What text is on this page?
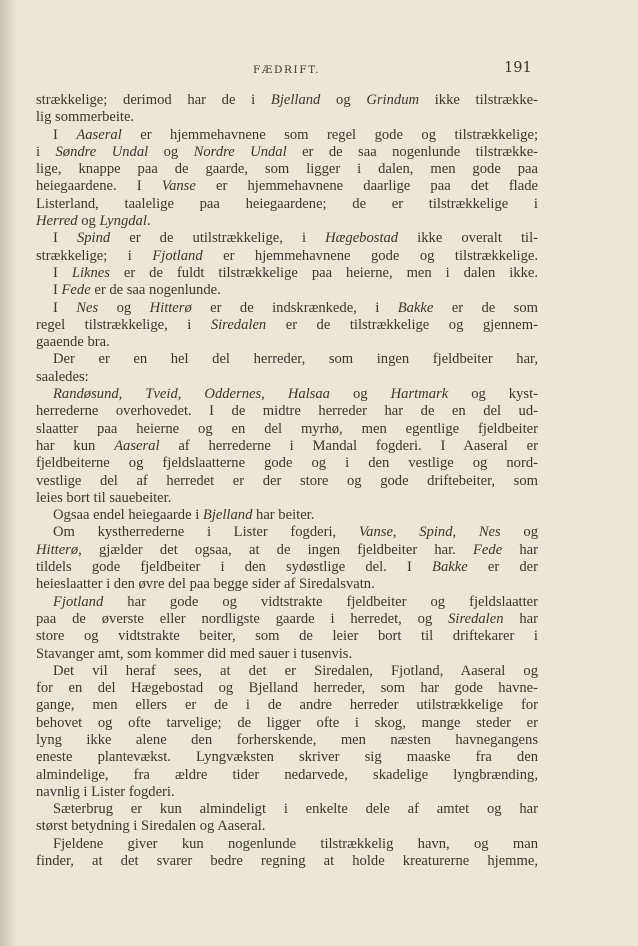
FÆDRIFT.	191
strækkelige; derimod har de i Bjelland og Grindum ikke tilstrække-
lig sommerbeite.
I Aaseral er hjemmehavnene som regel gode og tilstrækkelige;
i Søndre Undal og Nordre Undal er de saa nogenlunde tilstrække-
lige, knappe paa de gaarde, som ligger i dalen, men gode paa
heiegaardene. I Vanse er hjemmehavnene daarlige paa det flade
Listerland, taalelige paa heiegaardene; de er tilstrækkelige i
Herred og Lyngdal.
I Spind er de utilstrækkelige, i Hægebostad ikke overalt til-
strækkelige; i Fjotland er hjemmehavnene gode og tilstrækkelige.
I Liknes er de fuldt tilstrækkelige paa heierne, men i dalen ikke.
I Fede er de saa nogenlunde.
I Nes og Hitterø er de indskrænkede, i Bakke er de som
regel tilstrækkelige, i Siredalen er de tilstrækkelige og gjennem-
gaaende bra.
Der er en hel del herreder, som ingen fjeldbeiter har,
saaledes:
Randøsund, Tveid, Oddernes, Halsaa og Hartmark og kyst-
herrederne overhovedet. I de midtre herreder har de en del ud-
slaatter paa heierne og en del myrhø, men egentlige fjeldbeiter
har kun Aaseral af herrederne i Mandal fogderi. I Aaseral er
fjeldbeiterne og fjeldslaatterne gode og i den vestlige og nord-
vestlige del af herredet er der store og gode driftebeiter, som
leies bort til sauebeiter.
Ogsaa endel heiegaarde i Bjelland har beiter.
Om kystherrederne i Lister fogderi, Vanse, Spind, Nes og
Hitterø, gjælder det ogsaa, at de ingen fjeldbeiter har. Fede har
tildels gode fjeldbeiter i den sydøstlige del. I Bakke er der
heieslaatter i den øvre del paa begge sider af Siredalsvatn.
Fjotland har gode og vidtstrakte fjeldbeiter og fjeldslaatter
paa de øverste eller nordligste gaarde i herredet, og Siredalen har
store og vidtstrakte beiter, som de leier bort til driftekarer i
Stavanger amt, som kommer did med sauer i tusenvis.
Det vil heraf sees, at det er Siredalen, Fjotland, Aaseral og
for en del Hægebostad og Bjelland herreder, som har gode havne-
gange, men ellers er de i de andre herreder utilstrækkelige for
behovet og ofte tarvelige; de ligger ofte i skog, mange steder er
lyng ikke alene den forherskende, men næsten havnegangens
eneste plantevækst. Lyngvæksten skriver sig maaske fra den
almindelige, fra ældre tider nedarvede, skadelige lyngbrænding,
navnlig i Lister fogderi.
Sæterbrug er kun almindeligt i enkelte dele af amtet og har
størst betydning i Siredalen og Aaseral.
Fjeldene giver kun nogenlunde tilstrækkelig havn, og man
finder, at det svarer bedre regning at holde kreaturerne hjemme,
